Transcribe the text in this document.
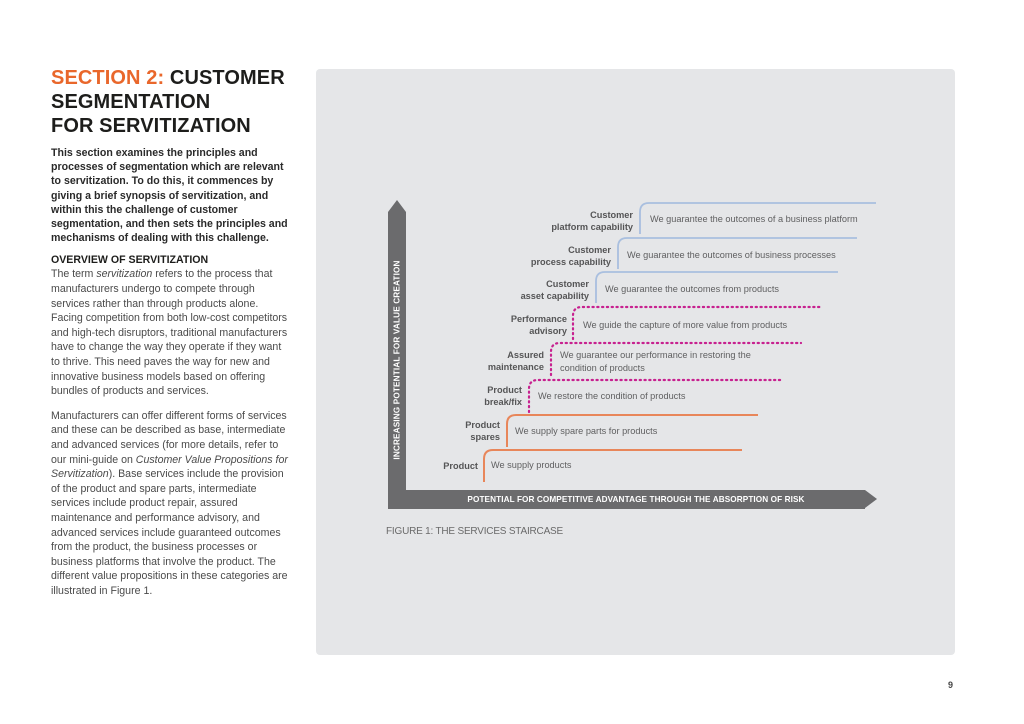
SECTION 2: CUSTOMER
SEGMENTATION
FOR SERVITIZATION

This section examines the principles and processes of segmentation which are relevant to servitization. To do this, it commences by giving a brief synopsis of servitization, and within this the challenge of customer segmentation, and then sets the principles and mechanisms of dealing with this challenge.

OVERVIEW OF SERVITIZATION

The term servitization refers to the process that manufacturers undergo to compete through services rather than through products alone. Facing competition from both low-cost competitors and high-tech disruptors, traditional manufacturers have to change the way they operate if they want to thrive. This need paves the way for new and innovative business models based on offering bundles of products and services.

Manufacturers can offer different forms of services and these can be described as base, intermediate and advanced services (for more details, refer to our mini-guide on Customer Value Propositions for Servitization). Base services include the provision of the product and spare parts, intermediate services include product repair, assured maintenance and performance advisory, and advanced services include guaranteed outcomes from the product, the business processes or business platforms that involve the product. The different value propositions in these categories are illustrated in Figure 1.

INCREASING POTENTIAL FOR VALUE CREATION
POTENTIAL FOR COMPETITIVE ADVANTAGE THROUGH THE ABSORPTION OF RISK
Product
Product
spares
Product
break/fix
Assured
maintenance
Performance
advisory
Customer
asset capability
Customer
process capability
Customer
platform capability
We supply products
We supply spare parts for products
We restore the condition of products
We guarantee our performance in restoring the
condition of products
We guide the capture of more value from products
We guarantee the outcomes from products
We guarantee the outcomes of business processes
We guarantee the outcomes of a business platform
FIGURE 1: THE SERVICES STAIRCASE
9
